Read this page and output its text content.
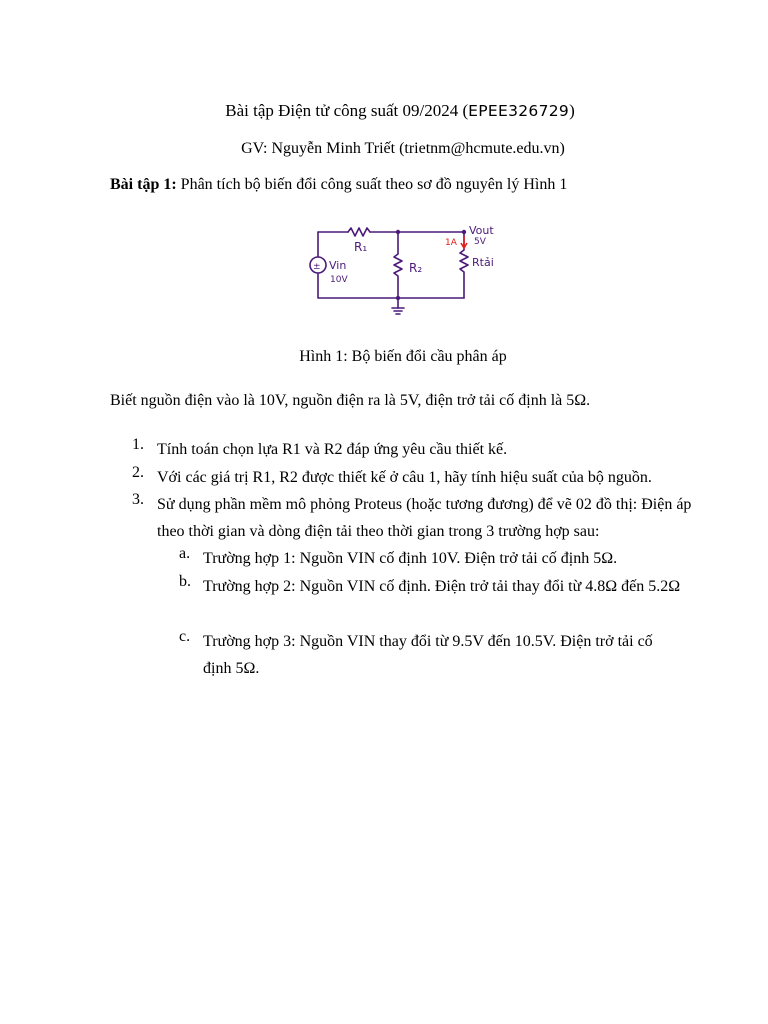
Bài tập Điện tử công suất 09/2024 (EPEE326729)
GV: Nguyễn Minh Triết (trietnm@hcmute.edu.vn)
Bài tập 1: Phân tích bộ biến đổi công suất theo sơ đồ nguyên lý Hình 1
±
R₁
R₂
Vin
10V
Vout
5V
Rtải
1A
Hình 1: Bộ biến đổi cầu phân áp
Biết nguồn điện vào là 10V, nguồn điện ra là 5V, điện trở tải cố định là 5Ω.
1. Tính toán chọn lựa R1 và R2 đáp ứng yêu cầu thiết kế.
2. Với các giá trị R1, R2 được thiết kế ở câu 1, hãy tính hiệu suất của bộ nguồn.
3. Sử dụng phần mềm mô phỏng Proteus (hoặc tương đương) để vẽ 02 đồ thị: Điện áp theo thời gian và dòng điện tải theo thời gian trong 3 trường hợp sau:
a. Trường hợp 1: Nguồn VIN cố định 10V. Điện trở tải cố định 5Ω.
b. Trường hợp 2: Nguồn VIN cố định. Điện trở tải thay đổi từ 4.8Ω đến 5.2Ω
c. Trường hợp 3: Nguồn VIN thay đổi từ 9.5V đến 10.5V. Điện trở tải cố định 5Ω.
